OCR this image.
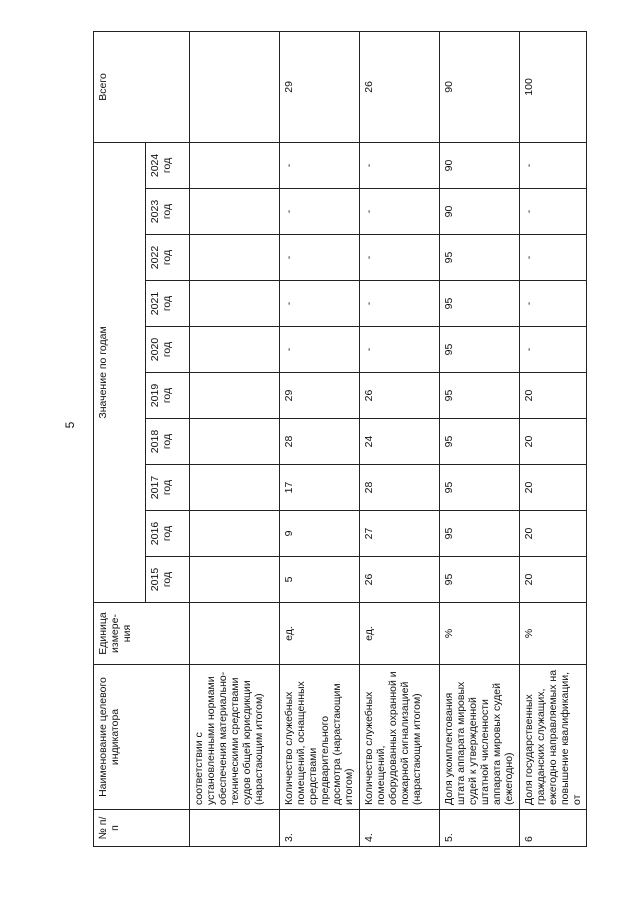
5
№ п/п	Наименование целевого индикатора	Единица измере-ния	Значение по годам										Всего
			2015 год	2016 год	2017 год	2018 год	2019 год	2020 год	2021 год	2022 год	2023 год	2024 год	
	соответствии с установленными нормами обеспечения материально-техническими средствами судов общей юрисдикции (нарастающим итогом)												
3.	Количество служебных помещений, оснащенных средствами предварительного досмотра (нарастающим итогом)	ед.	5	9	17	28	29	-	-	-	-	-	29
4.	Количество служебных помещений, оборудованных охранной и пожарной сигнализацией (нарастающим итогом)	ед.	26	27	28	24	26	-	-	-	-	-	26
5.	Доля укомплектования штата аппарата мировых судей к утвержденной штатной численности аппарата мировых судей (ежегодно)	%	95	95	95	95	95	95	95	95	90	90	90
6	Доля государственных гражданских служащих, ежегодно направляемых на повышение квалификации, от	%	20	20	20	20	20	-	-	-	-	-	100
